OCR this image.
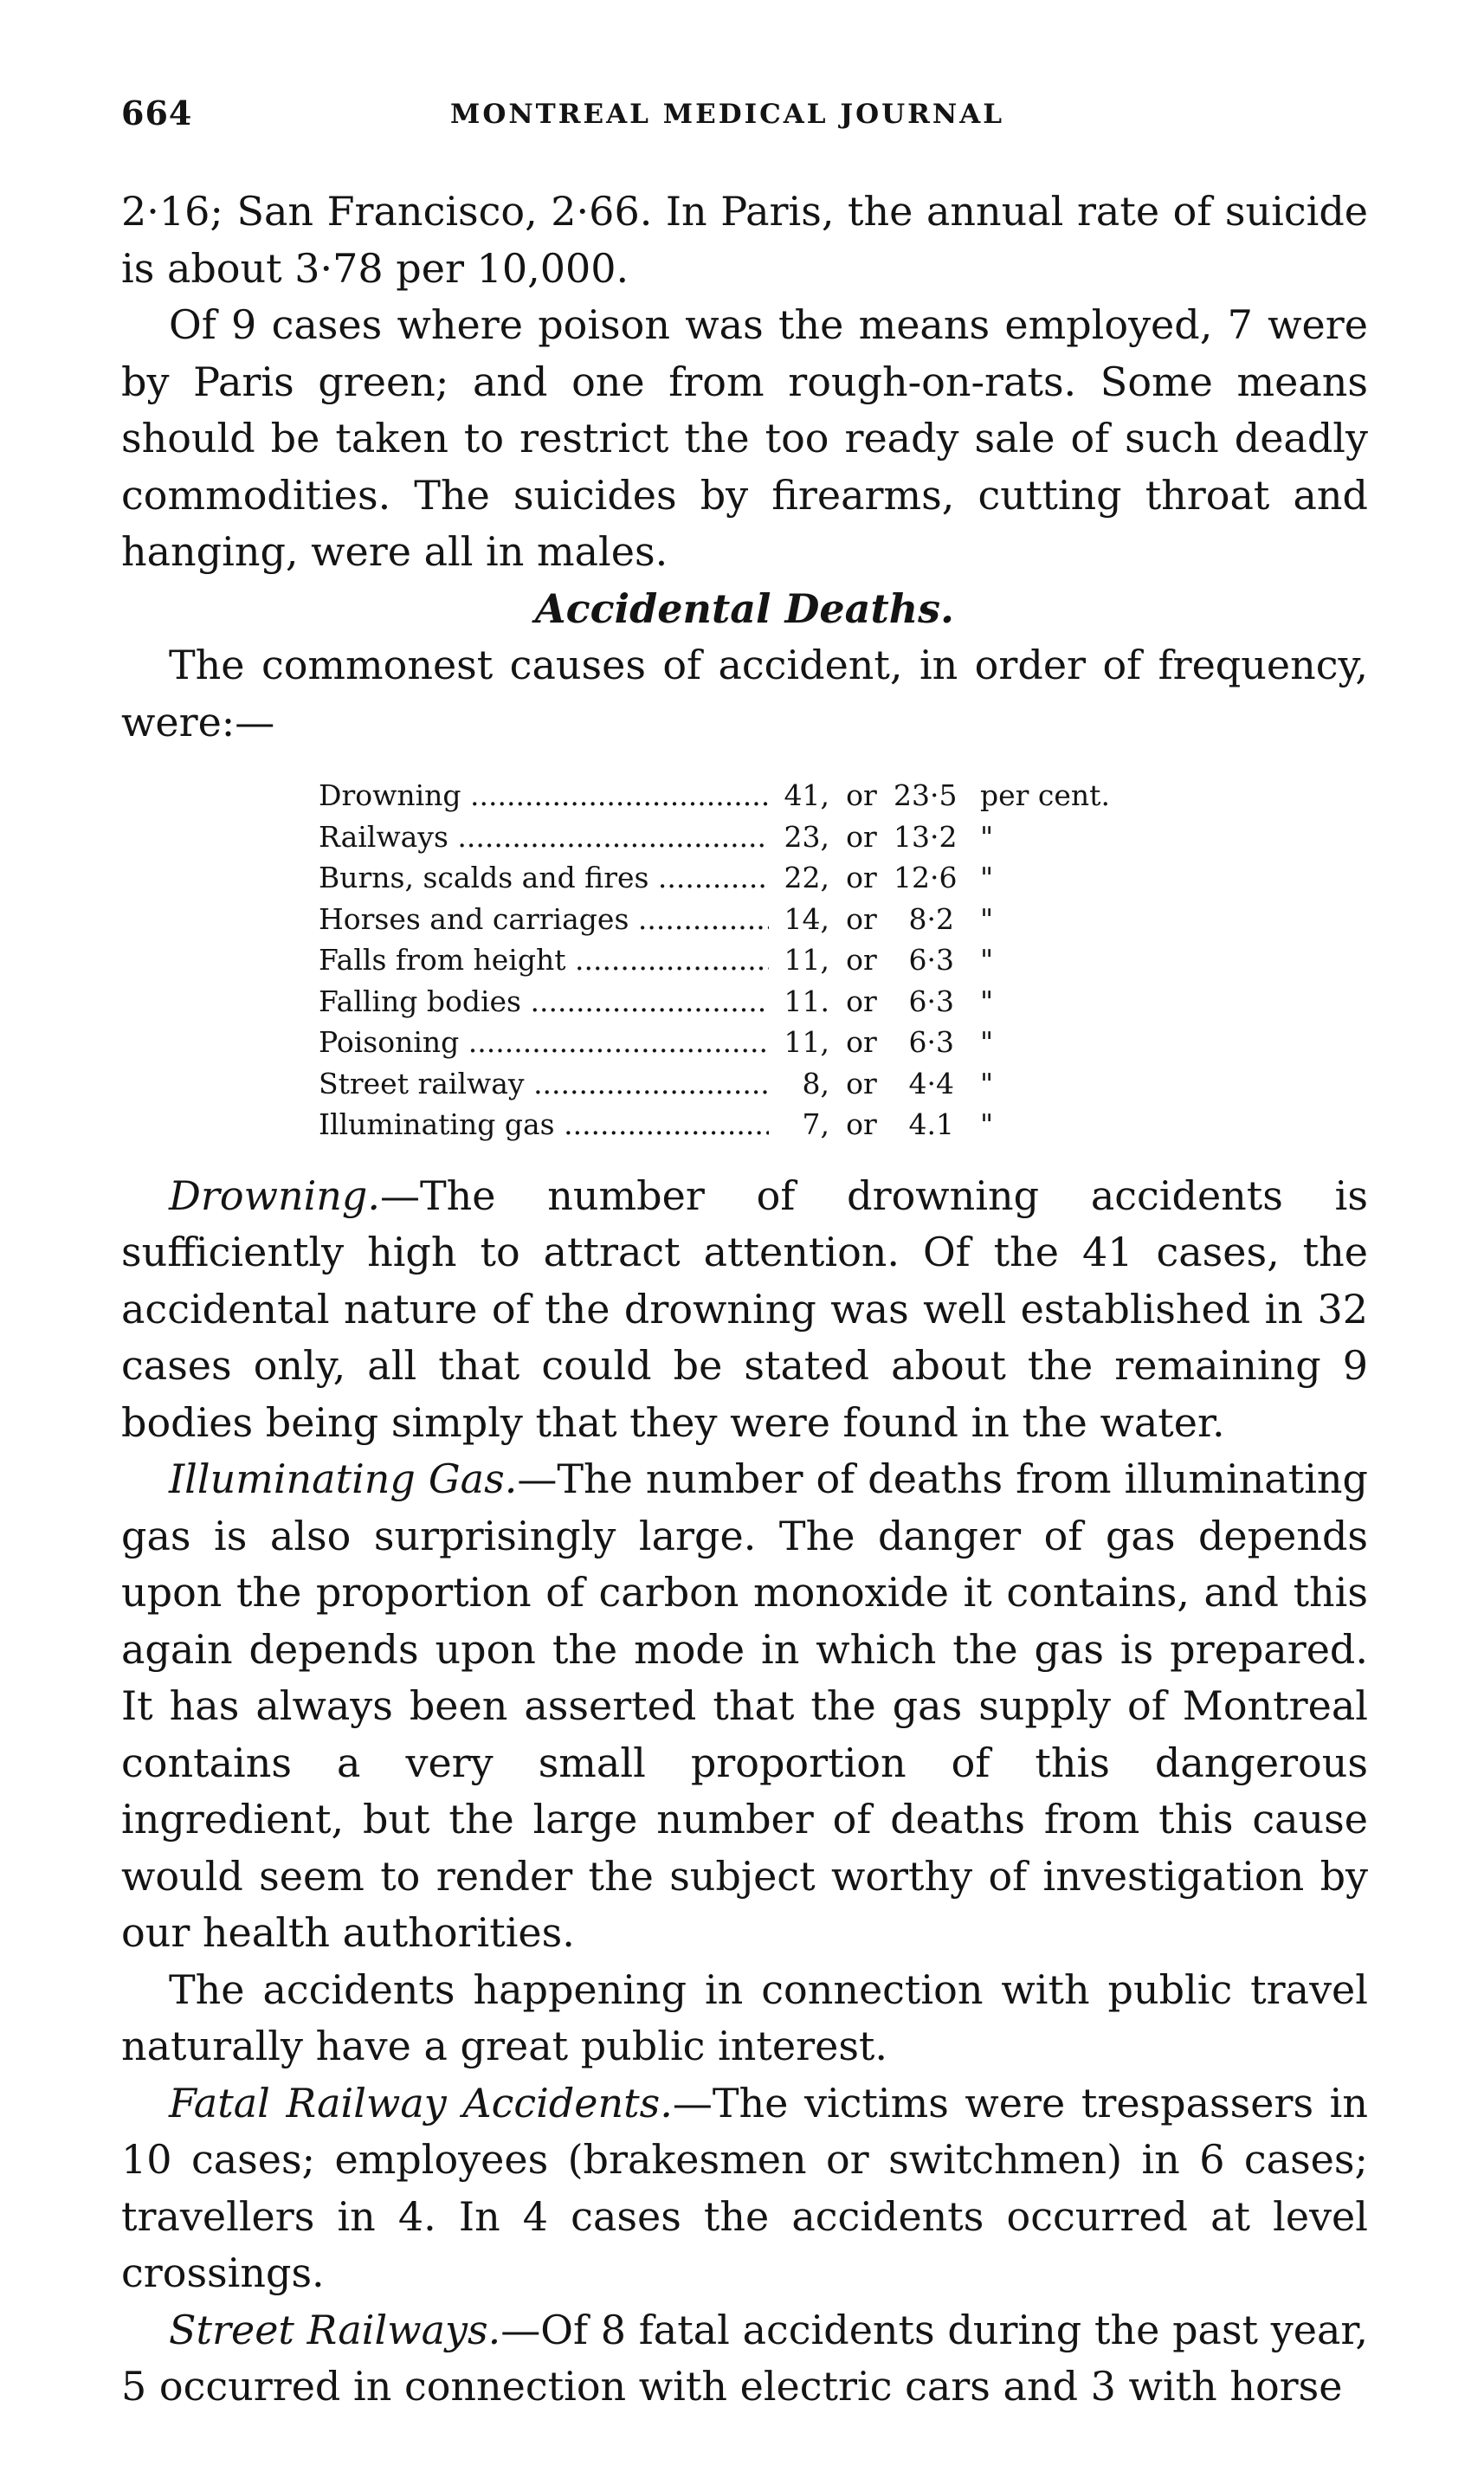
664	MONTREAL MEDICAL JOURNAL

2·16; San Francisco, 2·66. In Paris, the annual rate of suicide is about 3·78 per 10,000.

Of 9 cases where poison was the means employed, 7 were by Paris green; and one from rough-on-rats. Some means should be taken to restrict the too ready sale of such deadly commodities. The suicides by firearms, cutting throat and hanging, were all in males.

Accidental Deaths.

The commonest causes of accident, in order of frequency, were:—

Drowning .....	41, or 23·5 per cent.
Railways .....	23, or 13·2 "
Burns, scalds and fires .....	22, or 12·6 "
Horses and carriages .....	14, or	8·2 "
Falls from height .....	11, or	6·3 "
Falling bodies .....	11. or	6·3 "
Poisoning .....	11, or	6·3 "
Street railway .....	8, or	4·4 "
Illuminating gas .....	7, or	4.1 "

Drowning.—The number of drowning accidents is sufficiently high to attract attention. Of the 41 cases, the accidental nature of the drowning was well established in 32 cases only, all that could be stated about the remaining 9 bodies being simply that they were found in the water.

Illuminating Gas.—The number of deaths from illuminating gas is also surprisingly large. The danger of gas depends upon the proportion of carbon monoxide it contains, and this again depends upon the mode in which the gas is prepared. It has always been asserted that the gas supply of Montreal contains a very small proportion of this dangerous ingredient, but the large number of deaths from this cause would seem to render the subject worthy of investigation by our health authorities.

The accidents happening in connection with public travel naturally have a great public interest.

Fatal Railway Accidents.—The victims were trespassers in 10 cases; employees (brakesmen or switchmen) in 6 cases; travellers in 4. In 4 cases the accidents occurred at level crossings.

Street Railways.—Of 8 fatal accidents during the past year, 5 occurred in connection with electric cars and 3 with horse
